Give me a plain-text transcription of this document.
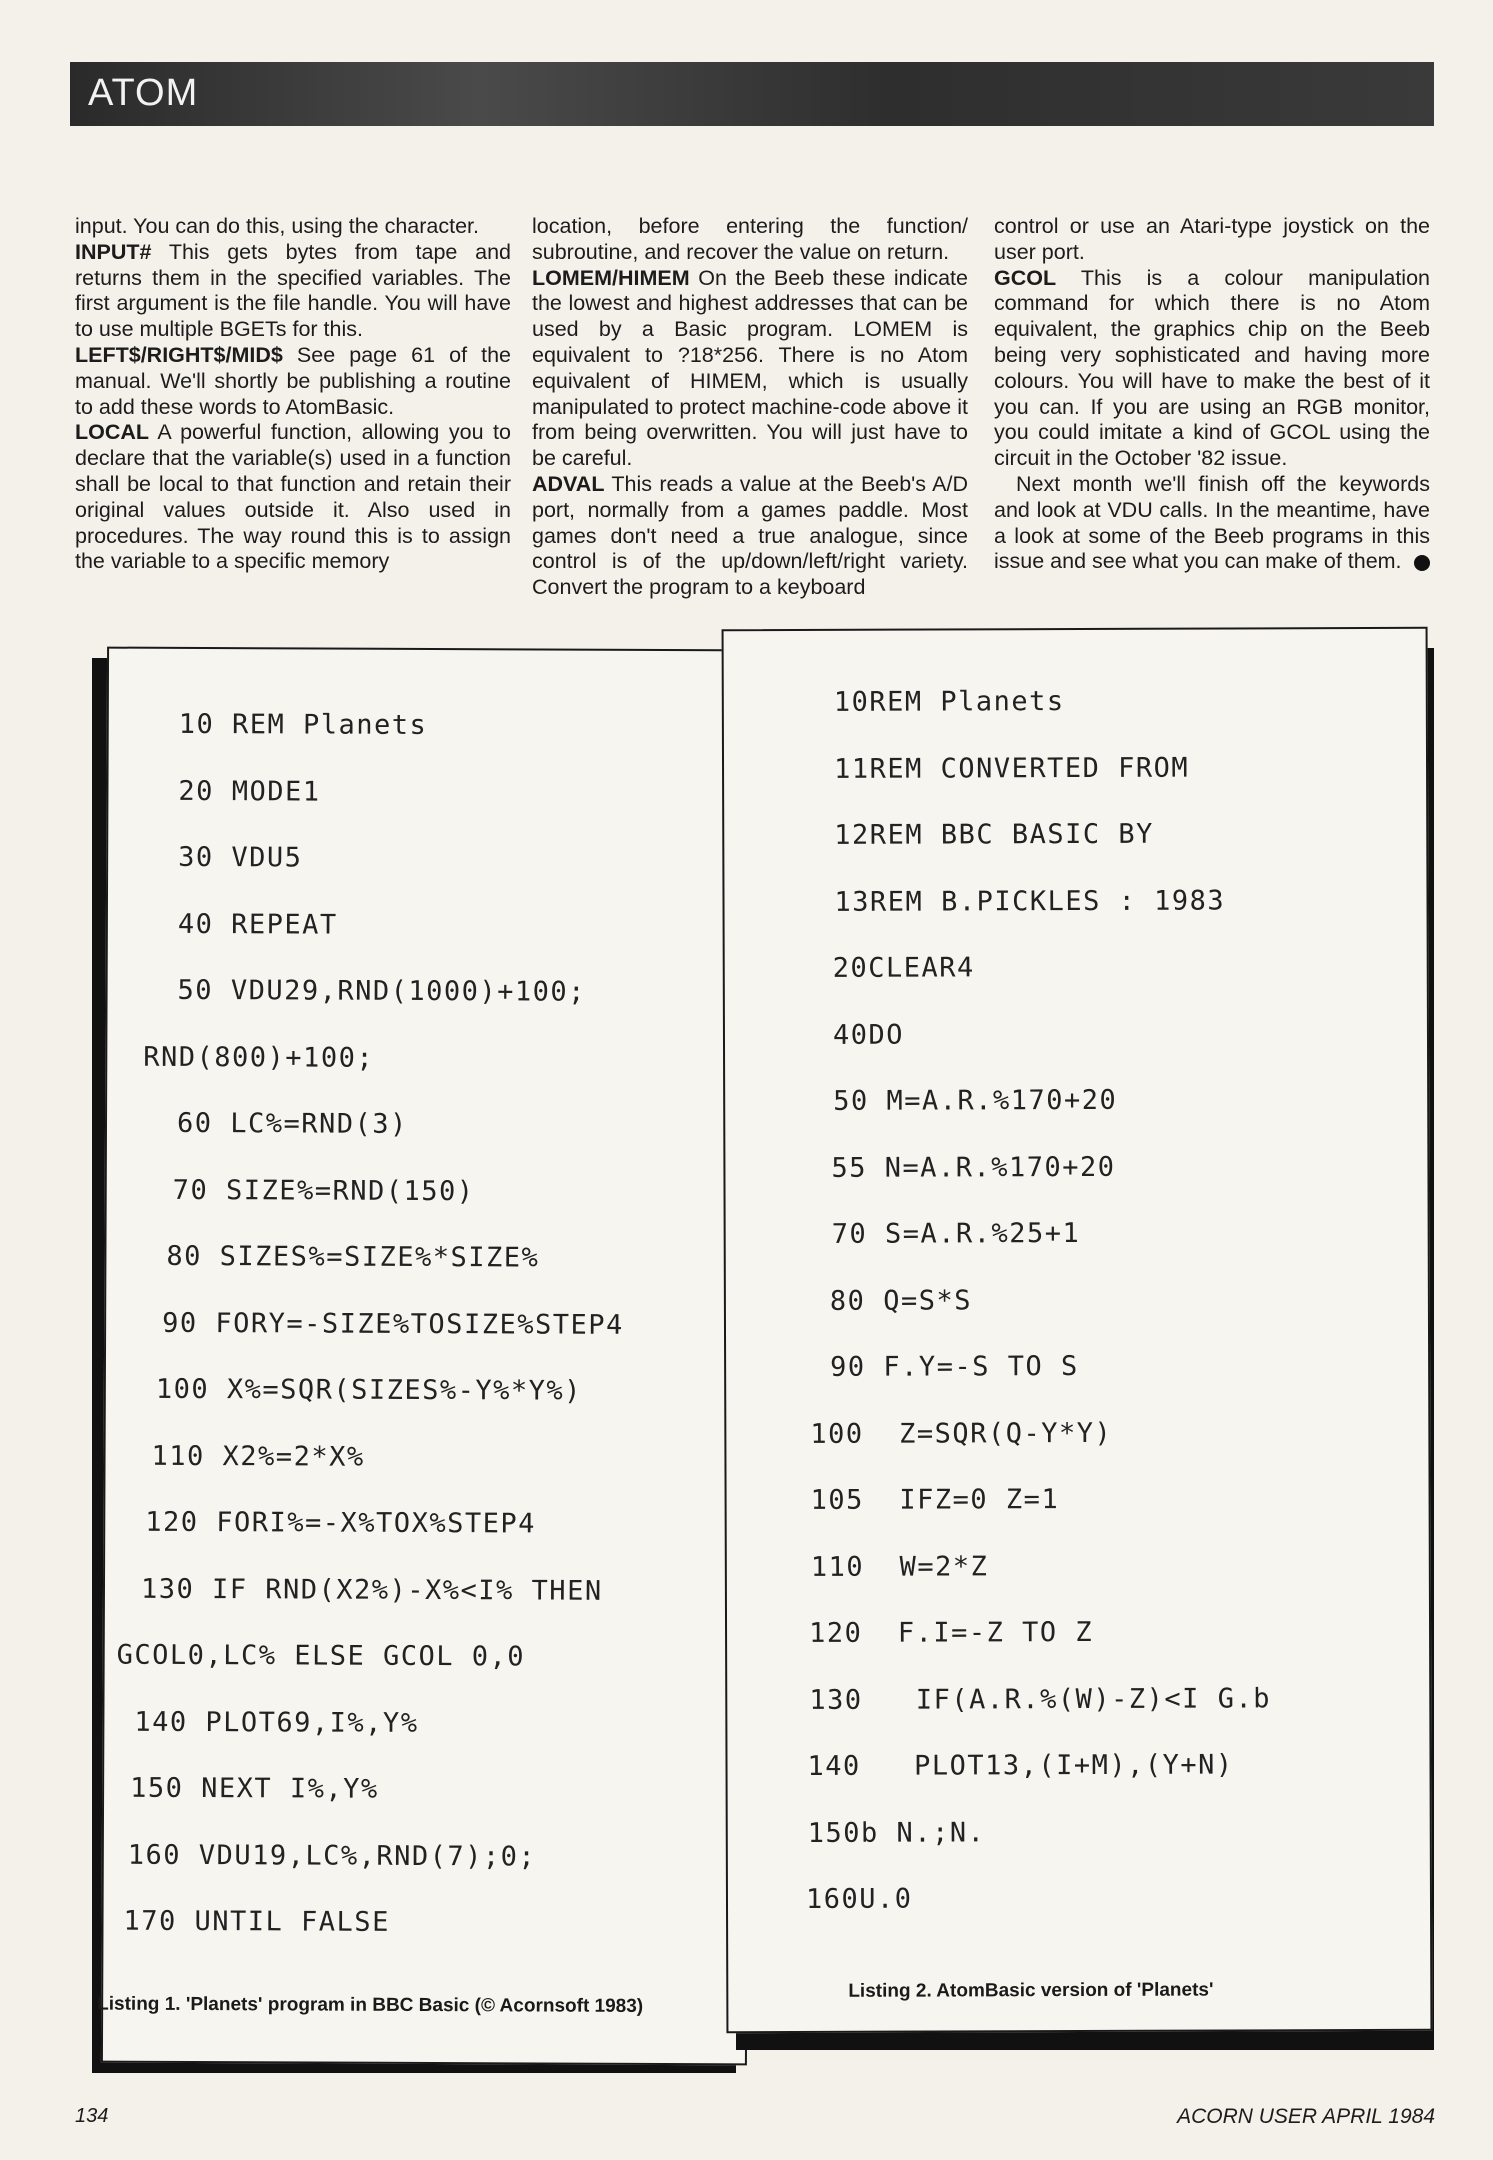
ATOM

input. You can do this, using the character.

INPUT# This gets bytes from tape and returns them in the specified variables. The first argument is the file handle. You will have to use multiple BGETs for this.

LEFT$/RIGHT$/MID$ See page 61 of the manual. We'll shortly be publishing a routine to add these words to AtomBasic.

LOCAL A powerful function, allowing you to declare that the variable(s) used in a function shall be local to that function and retain their original values outside it. Also used in procedures. The way round this is to assign the variable to a specific memory

location, before entering the function/ subroutine, and recover the value on return.

LOMEM/HIMEM On the Beeb these indicate the lowest and highest addresses that can be used by a Basic program. LOMEM is equivalent to ?18*256. There is no Atom equivalent of HIMEM, which is usually manipulated to protect machine-code above it from being overwritten. You will just have to be careful.

ADVAL This reads a value at the Beeb's A/D port, normally from a games paddle. Most games don't need a true analogue, since control is of the up/down/left/right variety. Convert the program to a keyboard

control or use an Atari-type joystick on the user port.

GCOL This is a colour manipulation command for which there is no Atom equivalent, the graphics chip on the Beeb being very sophisticated and having more colours. You will have to make the best of it you can. If you are using an RGB monitor, you could imitate a kind of GCOL using the circuit in the October '82 issue.

Next month we'll finish off the keywords and look at VDU calls. In the meantime, have a look at some of the Beeb programs in this issue and see what you can make of them.

10 REM Planets
20 MODE1
30 VDU5
40 REPEAT
50 VDU29,RND(1000)+100;
RND(800)+100;
60 LC%=RND(3)
70 SIZE%=RND(150)
80 SIZES%=SIZE%*SIZE%
90 FORY=-SIZE%TOSIZE%STEP4
100 X%=SQR(SIZES%-Y%*Y%)
110 X2%=2*X%
120 FORI%=-X%TOX%STEP4
130 IF RND(X2%)-X%<I% THEN
GCOL0,LC% ELSE GCOL 0,0
140 PLOT69,I%,Y%
150 NEXT I%,Y%
160 VDU19,LC%,RND(7);0;
170 UNTIL FALSE
Listing 1. 'Planets' program in BBC Basic (© Acornsoft 1983)
10REM Planets
11REM CONVERTED FROM
12REM BBC BASIC BY
13REM B.PICKLES : 1983
20CLEAR4
40DO
50 M=A.R.%170+20
55 N=A.R.%170+20
70 S=A.R.%25+1
80 Q=S*S
90 F.Y=-S TO S
100  Z=SQR(Q-Y*Y)
105  IFZ=0 Z=1
110  W=2*Z
120  F.I=-Z TO Z
130   IF(A.R.%(W)-Z)<I G.b
140   PLOT13,(I+M),(Y+N)
150b N.;N.
160U.0
Listing 2. AtomBasic version of 'Planets'
134	ACORN USER APRIL 1984
